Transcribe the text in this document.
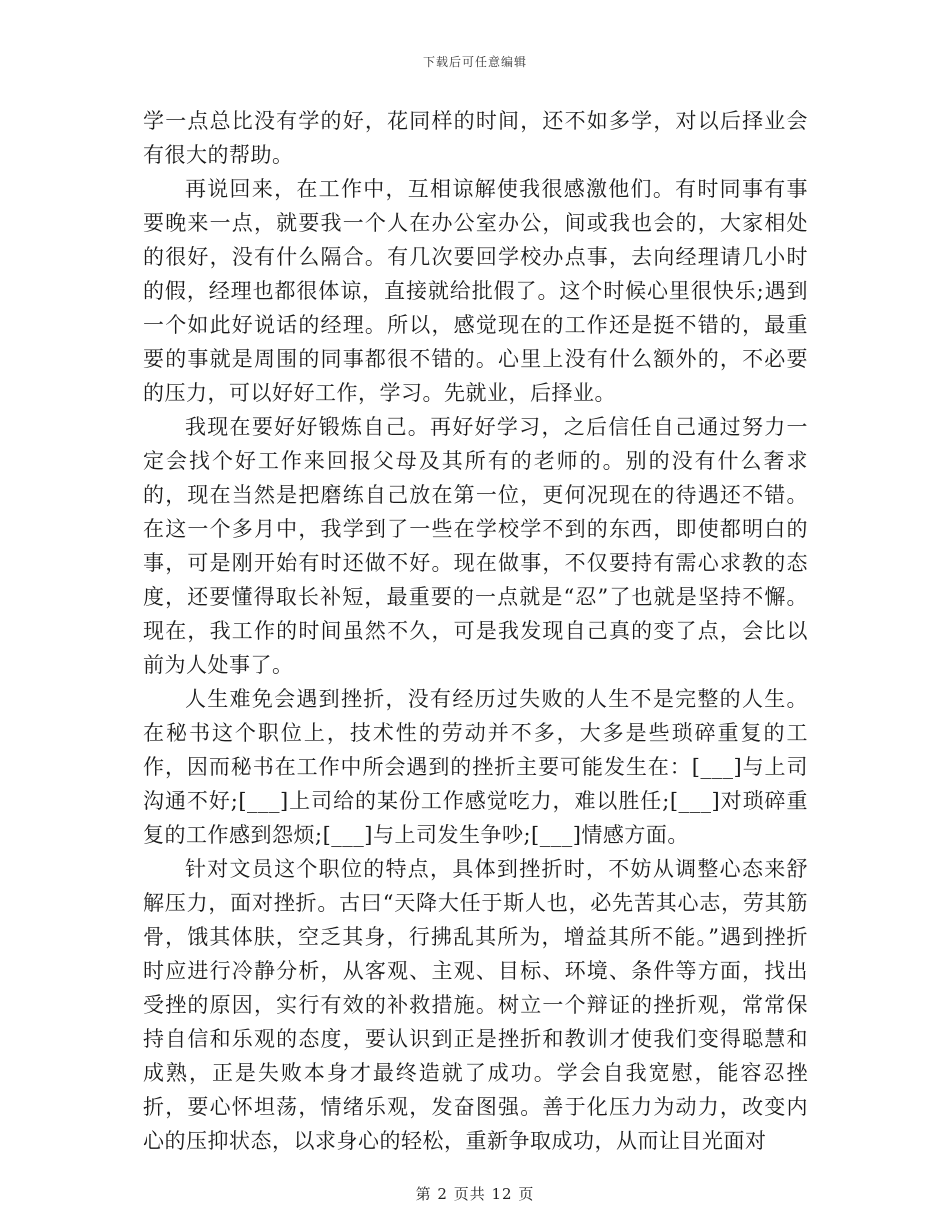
下载后可任意编辑

学一点总比没有学的好，花同样的时间，还不如多学，对以后择业会有很大的帮助。

再说回来，在工作中，互相谅解使我很感激他们。有时同事有事要晚来一点，就要我一个人在办公室办公，间或我也会的，大家相处的很好，没有什么隔合。有几次要回学校办点事，去向经理请几小时的假，经理也都很体谅，直接就给批假了。这个时候心里很快乐;遇到一个如此好说话的经理。所以，感觉现在的工作还是挺不错的，最重要的事就是周围的同事都很不错的。心里上没有什么额外的，不必要的压力，可以好好工作，学习。先就业，后择业。

我现在要好好锻炼自己。再好好学习，之后信任自己通过努力一定会找个好工作来回报父母及其所有的老师的。别的没有什么奢求的，现在当然是把磨练自己放在第一位，更何况现在的待遇还不错。在这一个多月中，我学到了一些在学校学不到的东西，即使都明白的事，可是刚开始有时还做不好。现在做事，不仅要持有需心求教的态度，还要懂得取长补短，最重要的一点就是“忍”了也就是坚持不懈。现在，我工作的时间虽然不久，可是我发现自己真的变了点，会比以前为人处事了。

人生难免会遇到挫折，没有经历过失败的人生不是完整的人生。在秘书这个职位上，技术性的劳动并不多，大多是些琐碎重复的工作，因而秘书在工作中所会遇到的挫折主要可能发生在：[___]与上司沟通不好;[___]上司给的某份工作感觉吃力，难以胜任;[___]对琐碎重复的工作感到怨烦;[___]与上司发生争吵;[___]情感方面。

针对文员这个职位的特点，具体到挫折时，不妨从调整心态来舒解压力，面对挫折。古曰“天降大任于斯人也，必先苦其心志，劳其筋骨，饿其体肤，空乏其身，行拂乱其所为，增益其所不能。”遇到挫折时应进行冷静分析，从客观、主观、目标、环境、条件等方面，找出受挫的原因，实行有效的补救措施。树立一个辩证的挫折观，常常保持自信和乐观的态度，要认识到正是挫折和教训才使我们变得聪慧和成熟，正是失败本身才最终造就了成功。学会自我宽慰，能容忍挫折，要心怀坦荡，情绪乐观，发奋图强。善于化压力为动力，改变内心的压抑状态，以求身心的轻松，重新争取成功，从而让目光面对

第 2 页共 12 页
